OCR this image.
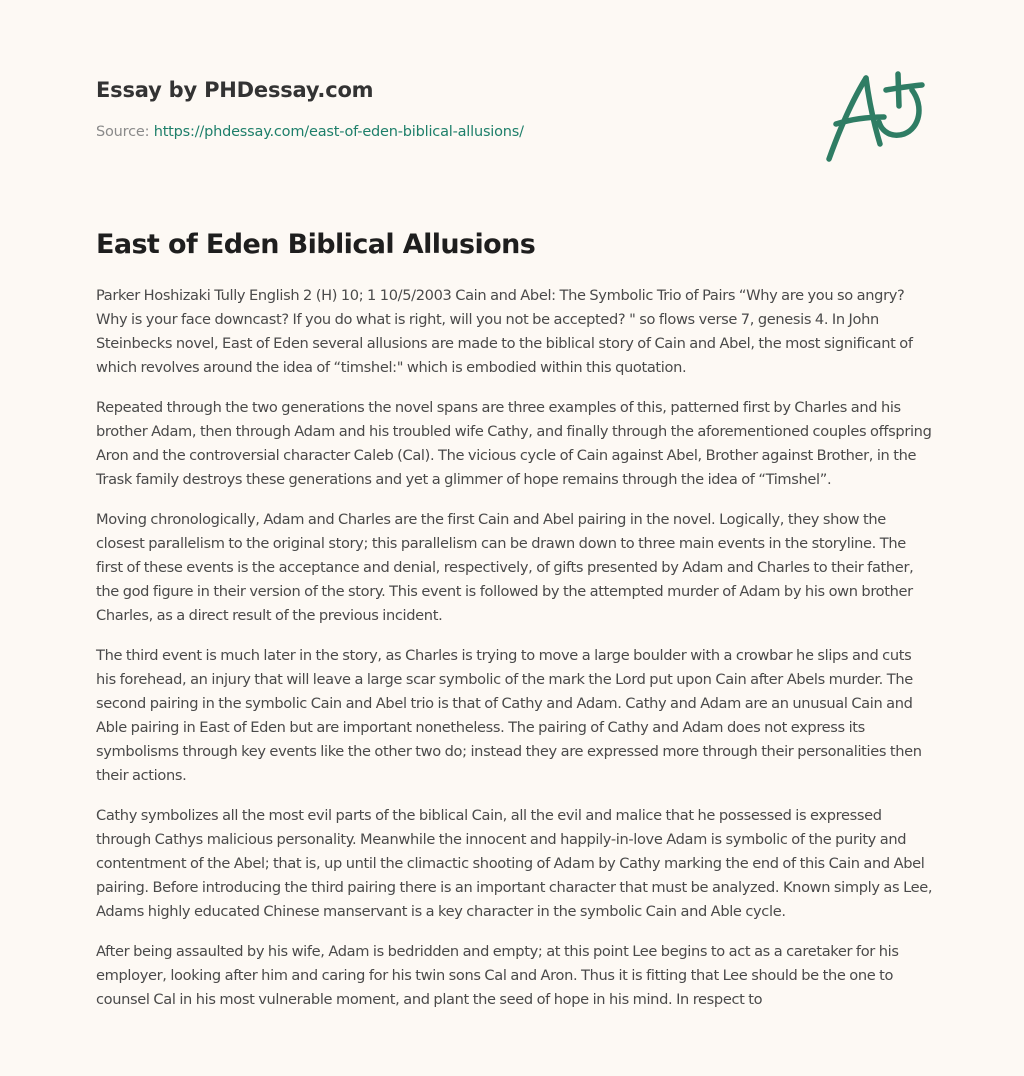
Essay by PHDessay.com
Source: https://phdessay.com/east-of-eden-biblical-allusions/
East of Eden Biblical Allusions

Parker Hoshizaki Tully English 2 (H) 10; 1 10/5/2003 Cain and Abel: The Symbolic Trio of Pairs “Why are you so angry? Why is your face downcast? If you do what is right, will you not be accepted? " so flows verse 7, genesis 4. In John Steinbecks novel, East of Eden several allusions are made to the biblical story of Cain and Abel, the most significant of which revolves around the idea of “timshel:" which is embodied within this quotation.

Repeated through the two generations the novel spans are three examples of this, patterned first by Charles and his brother Adam, then through Adam and his troubled wife Cathy, and finally through the aforementioned couples offspring Aron and the controversial character Caleb (Cal). The vicious cycle of Cain against Abel, Brother against Brother, in the Trask family destroys these generations and yet a glimmer of hope remains through the idea of “Timshel”.

Moving chronologically, Adam and Charles are the first Cain and Abel pairing in the novel. Logically, they show the closest parallelism to the original story; this parallelism can be drawn down to three main events in the storyline. The first of these events is the acceptance and denial, respectively, of gifts presented by Adam and Charles to their father, the god figure in their version of the story. This event is followed by the attempted murder of Adam by his own brother Charles, as a direct result of the previous incident.

The third event is much later in the story, as Charles is trying to move a large boulder with a crowbar he slips and cuts his forehead, an injury that will leave a large scar symbolic of the mark the Lord put upon Cain after Abels murder. The second pairing in the symbolic Cain and Abel trio is that of Cathy and Adam. Cathy and Adam are an unusual Cain and Able pairing in East of Eden but are important nonetheless. The pairing of Cathy and Adam does not express its symbolisms through key events like the other two do; instead they are expressed more through their personalities then their actions.

Cathy symbolizes all the most evil parts of the biblical Cain, all the evil and malice that he possessed is expressed through Cathys malicious personality. Meanwhile the innocent and happily-in-love Adam is symbolic of the purity and contentment of the Abel; that is, up until the climactic shooting of Adam by Cathy marking the end of this Cain and Abel pairing. Before introducing the third pairing there is an important character that must be analyzed. Known simply as Lee, Adams highly educated Chinese manservant is a key character in the symbolic Cain and Able cycle.

After being assaulted by his wife, Adam is bedridden and empty; at this point Lee begins to act as a caretaker for his employer, looking after him and caring for his twin sons Cal and Aron. Thus it is fitting that Lee should be the one to counsel Cal in his most vulnerable moment, and plant the seed of hope in his mind. In respect to
